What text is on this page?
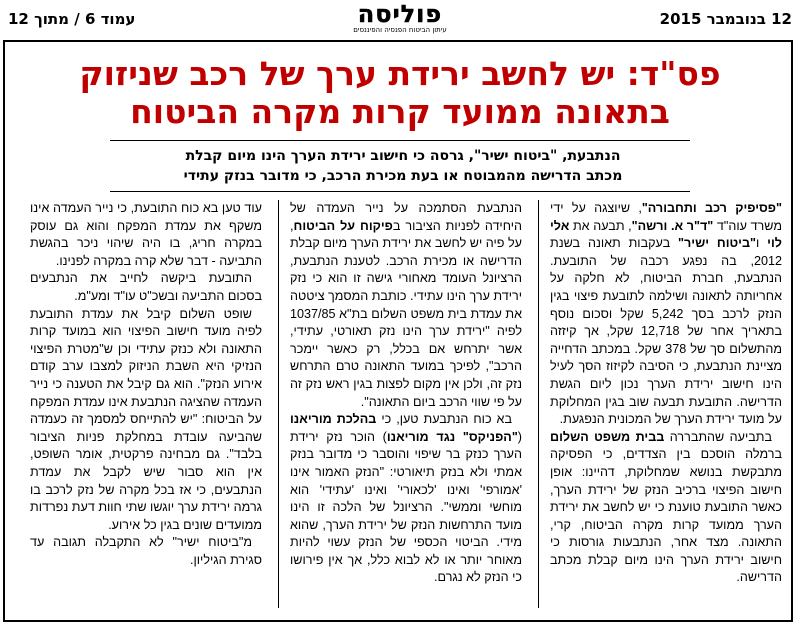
עמוד 6 / מתוך 12	פוליסה
עיתון הביטוח הפנסיה והפיננסים
12 בנובמבר 2015
פס"ד: יש לחשב ירידת ערך של רכב שניזוק
בתאונה ממועד קרות מקרה הביטוח
הנתבעת, "ביטוח ישיר", גרסה כי חישוב ירידת הערך הינו מיום קבלת
מכתב הדרישה מהמבוטח או בעת מכירת הרכב, כי מדובר בנזק עתידי

"פסיפיק רכב ותחבורה", שיוצגה על ידי משרד עוה"ד "ד"ר א. ורשה", תבעה את אלי לוי ו"ביטוח ישיר" בעקבות תאונה בשנת 2012, בה נפגע רכבה של התובעת. הנתבעת, חברת הביטוח, לא חלקה על אחריותה לתאונה ושילמה לתובעת פיצוי בגין הנזק לרכב בסך 5,242 שקל וסכום נוסף בתאריך אחר של 12,718 שקל, אך קיזזה מהתשלום סך של 378 שקל. במכתב הדחייה מציינת הנתבעת, כי הסיבה לקיזוז הסך לעיל הינו חישוב ירידת הערך נכון ליום הגשת הדרישה. התובעת תבעה שוב בגין המחלוקת על מועד ירידת הערך של המכונית הנפגעת.

בתביעה שהתבררה בבית משפט השלום ברמלה הוסכם בין הצדדים, כי הפסיקה מתבקשת בנושא שמחלוקת, דהיינו: אופן חישוב הפיצוי ברכיב הנזק של ירידת הערך, כאשר התובעת טוענת כי יש לחשב את ירידת הערך ממועד קרות מקרה הביטוח, קרי, התאונה. מצד אחר, הנתבעות גורסות כי חישוב ירידת הערך הינו מיום קבלת מכתב הדרישה.

הנתבעת הסתמכה על נייר העמדה של היחידה לפניות הציבור בפיקוח על הביטוח, על פיה יש לחשב את ירידת הערך מיום קבלת הדרישה או מכירת הרכב. לטענת הנתבעת, הרציונל העומד מאחורי גישה זו הוא כי נזק ירידת ערך הינו עתידי. כותבת המסמך ציטטה את עמדת בית משפט השלום בת"א 1037/85 לפיה "ירידת ערך הינו נזק תאורטי, עתידי, אשר יתרחש אם בכלל, רק כאשר יימכר הרכב", לפיכך במועד התאונה טרם התרחש נזק זה, ולכן אין מקום לפצות בגין ראש נזק זה על פי שווי הרכב ביום התאונה".

בא כוח הנתבעת טען, כי בהלכת מוריאנו ("הפניקס" נגד מוריאנו) הוכר נזק ירידת הערך כנזק בר שיפוי והוסבר כי מדובר בנזק אמתי ולא בנזק תיאורטי: "הנזק האמור אינו 'אמורפי' ואינו 'לכאורי' ואינו 'עתידי' הוא מוחשי וממשי". הרציונל של הלכה זו הינו מועד התרחשות הנזק של ירידת הערך, שהוא מידי. הביטוי הכספי של הנזק עשוי להיות מאוחר יותר או לא לבוא כלל, אך אין פירושו כי הנזק לא נגרם.

עוד טען בא כוח התובעת, כי נייר העמדה אינו משקף את עמדת המפקח והוא גם עוסק במקרה חריג, בו היה שיהוי ניכר בהגשת התביעה - דבר שלא קרה במקרה לפנינו.

התובעת ביקשה לחייב את הנתבעים בסכום התביעה ובשכ"ט עו"ד ומע"מ.

שופט השלום קיבל את עמדת התובעת לפיה מועד חישוב הפיצוי הוא במועד קרות התאונה ולא כנזק עתידי וכן ש"מטרת הפיצוי הנזיקי היא השבת הניזוק למצבו ערב קודם אירוע הנזק". הוא גם קיבל את הטענה כי נייר העמדה שהציגה הנתבעת אינו עמדת המפקח על הביטוח: "יש להתייחס למסמך זה כעמדה שהביעה עובדת במחלקת פניות הציבור בלבד". גם מבחינה פרקטית, אומר השופט, אין הוא סבור שיש לקבל את עמדת הנתבעים, כי אז בכל מקרה של נזק לרכב בו גרמה ירידת ערך יוגשו שתי חוות דעת נפרדות ממועדים שונים בגין כל אירוע.

מ"ביטוח ישיר" לא התקבלה תגובה עד סגירת הגיליון.
